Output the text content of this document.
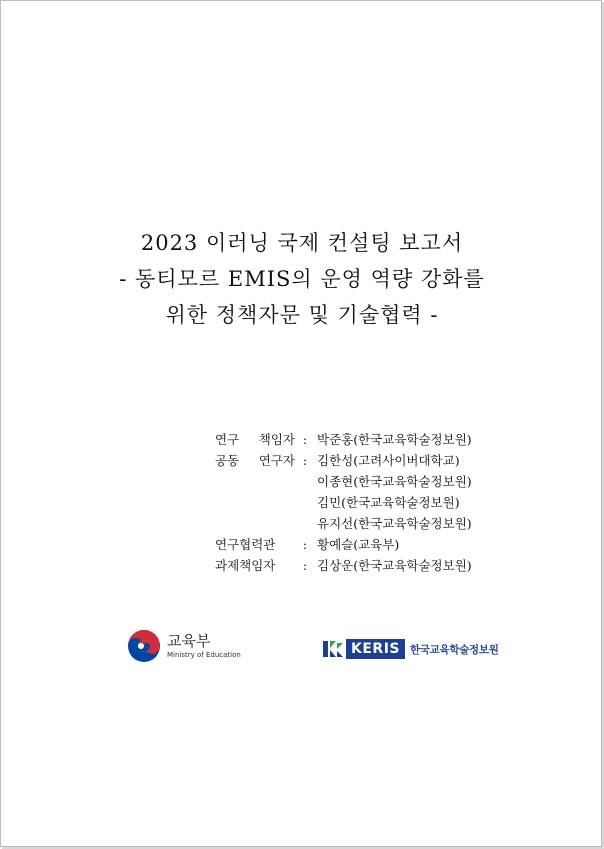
2023 이러닝 국제 컨설팅 보고서
- 동티모르 EMIS의 운영 역량 강화를
위한 정책자문 및 기술협력 -
연구 책임자 : 박준홍(한국교육학술정보원)
공동 연구자 : 김한성(고려사이버대학교)
이종현(한국교육학술정보원)
김민(한국교육학술정보원)
유지선(한국교육학술정보원)
연구협력관	: 황예슬(교육부)
과제책임자	: 김상운(한국교육학술정보원)
교육부
Ministry of Education	KERIS 한국교육학술정보원
